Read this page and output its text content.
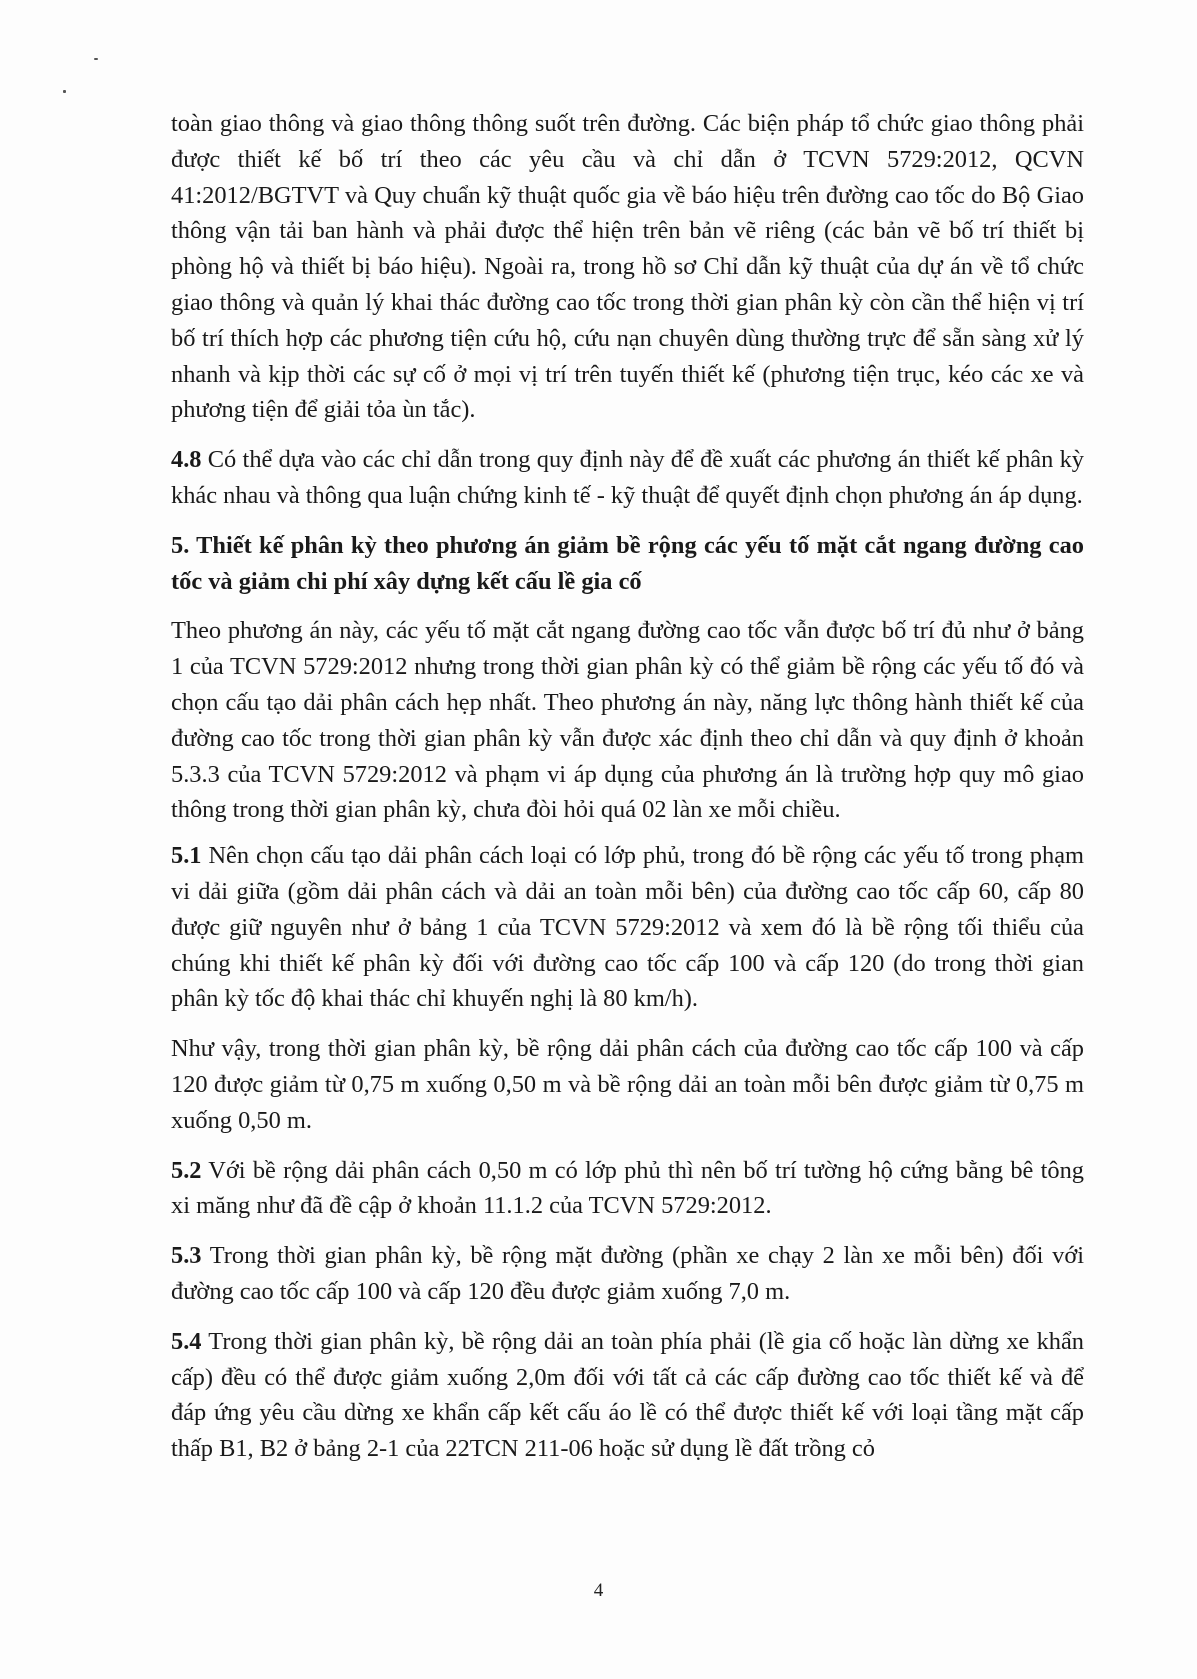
toàn giao thông và giao thông thông suốt trên đường. Các biện pháp tổ chức giao thông phải được thiết kế bố trí theo các yêu cầu và chỉ dẫn ở TCVN 5729:2012, QCVN 41:2012/BGTVT và Quy chuẩn kỹ thuật quốc gia về báo hiệu trên đường cao tốc do Bộ Giao thông vận tải ban hành và phải được thể hiện trên bản vẽ riêng (các bản vẽ bố trí thiết bị phòng hộ và thiết bị báo hiệu). Ngoài ra, trong hồ sơ Chỉ dẫn kỹ thuật của dự án về tổ chức giao thông và quản lý khai thác đường cao tốc trong thời gian phân kỳ còn cần thể hiện vị trí bố trí thích hợp các phương tiện cứu hộ, cứu nạn chuyên dùng thường trực để sẵn sàng xử lý nhanh và kịp thời các sự cố ở mọi vị trí trên tuyến thiết kế (phương tiện trục, kéo các xe và phương tiện để giải tỏa ùn tắc).

4.8 Có thể dựa vào các chỉ dẫn trong quy định này để đề xuất các phương án thiết kế phân kỳ khác nhau và thông qua luận chứng kinh tế - kỹ thuật để quyết định chọn phương án áp dụng.

5. Thiết kế phân kỳ theo phương án giảm bề rộng các yếu tố mặt cắt ngang đường cao tốc và giảm chi phí xây dựng kết cấu lề gia cố

Theo phương án này, các yếu tố mặt cắt ngang đường cao tốc vẫn được bố trí đủ như ở bảng 1 của TCVN 5729:2012 nhưng trong thời gian phân kỳ có thể giảm bề rộng các yếu tố đó và chọn cấu tạo dải phân cách hẹp nhất. Theo phương án này, năng lực thông hành thiết kế của đường cao tốc trong thời gian phân kỳ vẫn được xác định theo chỉ dẫn và quy định ở khoản 5.3.3 của TCVN 5729:2012 và phạm vi áp dụng của phương án là trường hợp quy mô giao thông trong thời gian phân kỳ, chưa đòi hỏi quá 02 làn xe mỗi chiều.

5.1 Nên chọn cấu tạo dải phân cách loại có lớp phủ, trong đó bề rộng các yếu tố trong phạm vi dải giữa (gồm dải phân cách và dải an toàn mỗi bên) của đường cao tốc cấp 60, cấp 80 được giữ nguyên như ở bảng 1 của TCVN 5729:2012 và xem đó là bề rộng tối thiểu của chúng khi thiết kế phân kỳ đối với đường cao tốc cấp 100 và cấp 120 (do trong thời gian phân kỳ tốc độ khai thác chỉ khuyến nghị là 80 km/h).

Như vậy, trong thời gian phân kỳ, bề rộng dải phân cách của đường cao tốc cấp 100 và cấp 120 được giảm từ 0,75 m xuống 0,50 m và bề rộng dải an toàn mỗi bên được giảm từ 0,75 m xuống 0,50 m.

5.2 Với bề rộng dải phân cách 0,50 m có lớp phủ thì nên bố trí tường hộ cứng bằng bê tông xi măng như đã đề cập ở khoản 11.1.2 của TCVN 5729:2012.

5.3 Trong thời gian phân kỳ, bề rộng mặt đường (phần xe chạy 2 làn xe mỗi bên) đối với đường cao tốc cấp 100 và cấp 120 đều được giảm xuống 7,0 m.

5.4 Trong thời gian phân kỳ, bề rộng dải an toàn phía phải (lề gia cố hoặc làn dừng xe khẩn cấp) đều có thể được giảm xuống 2,0m đối với tất cả các cấp đường cao tốc thiết kế và để đáp ứng yêu cầu dừng xe khẩn cấp kết cấu áo lề có thể được thiết kế với loại tầng mặt cấp thấp B1, B2 ở bảng 2-1 của 22TCN 211-06 hoặc sử dụng lề đất trồng cỏ

4
